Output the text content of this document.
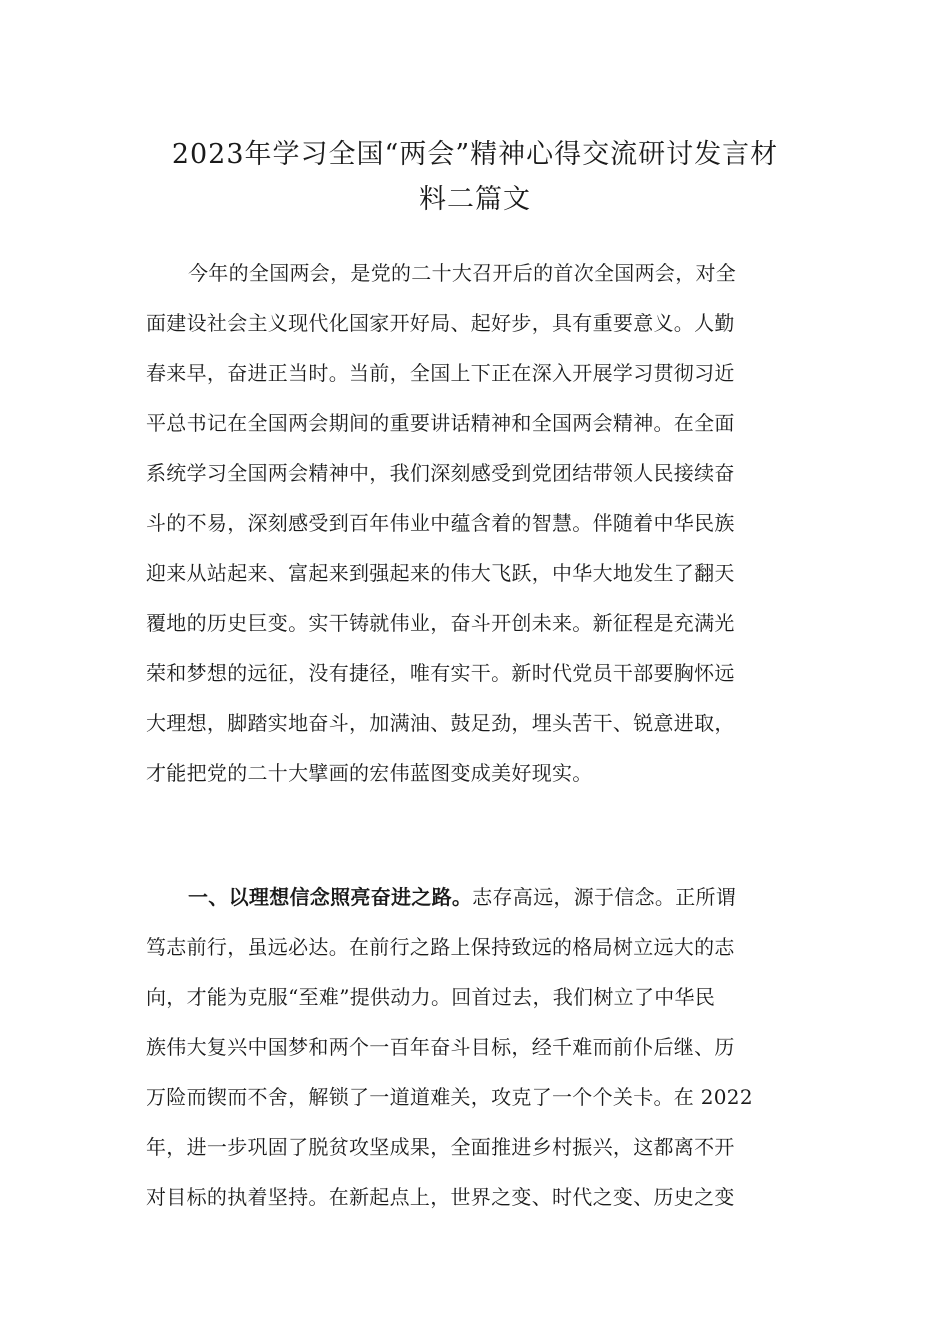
2023年学习全国“两会”精神心得交流研讨发言材
料二篇文

今年的全国两会，是党的二十大召开后的首次全国两会，对全
面建设社会主义现代化国家开好局、起好步，具有重要意义。人勤
春来早，奋进正当时。当前，全国上下正在深入开展学习贯彻习近
平总书记在全国两会期间的重要讲话精神和全国两会精神。在全面
系统学习全国两会精神中，我们深刻感受到党团结带领人民接续奋
斗的不易，深刻感受到百年伟业中蕴含着的智慧。伴随着中华民族
迎来从站起来、富起来到强起来的伟大飞跃，中华大地发生了翻天
覆地的历史巨变。实干铸就伟业，奋斗开创未来。新征程是充满光
荣和梦想的远征，没有捷径，唯有实干。新时代党员干部要胸怀远
大理想，脚踏实地奋斗，加满油、鼓足劲，埋头苦干、锐意进取，
才能把党的二十大擘画的宏伟蓝图变成美好现实。

一、以理想信念照亮奋进之路。志存高远，源于信念。正所谓
笃志前行，虽远必达。在前行之路上保持致远的格局树立远大的志
向，才能为克服“至难”提供动力。回首过去，我们树立了中华民
族伟大复兴中国梦和两个一百年奋斗目标，经千难而前仆后继、历
万险而锲而不舍，解锁了一道道难关，攻克了一个个关卡。在 2022
年，进一步巩固了脱贫攻坚成果，全面推进乡村振兴，这都离不开
对目标的执着坚持。在新起点上，世界之变、时代之变、历史之变
